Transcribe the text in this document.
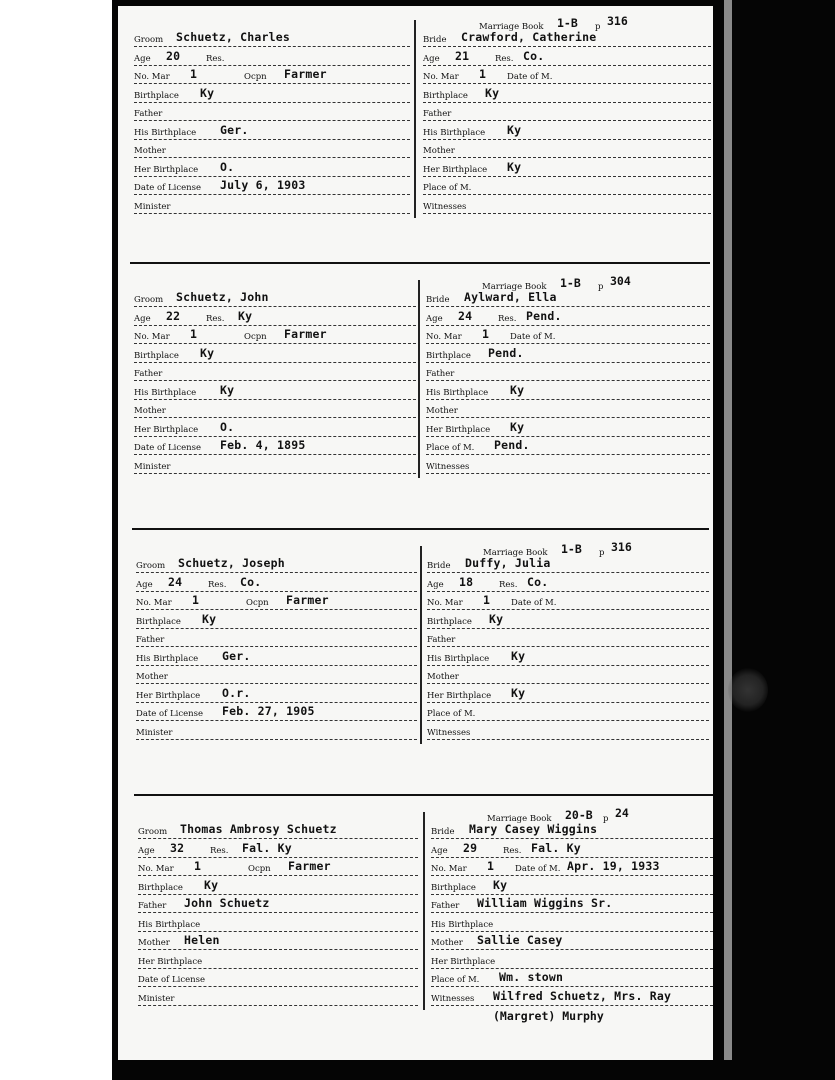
Groom Schuetz, Charles
Age 20	Res.
No. Mar 1	Ocpn Farmer
Birthplace Ky
Father
His Birthplace Ger.
Mother
Her Birthplace O.
Date of License July 6, 1903
Minister
Marriage Book 1-B p 316
Bride Crawford, Catherine
Age 21	Res. Co.
No. Mar 1 Date of M.
Birthplace Ky
Father
His Birthplace Ky
Mother
Her Birthplace Ky
Place of M.
Witnesses
Groom Schuetz, John
Age 22	Res. Ky
No. Mar 1	Ocpn Farmer
Birthplace Ky
Father
His Birthplace Ky
Mother
Her Birthplace O.
Date of License Feb. 4, 1895
Minister
Marriage Book 1-B p 304
Bride Aylward, Ella
Age 24	Res. Pend.
No. Mar 1 Date of M.
Birthplace Pend.
Father
His Birthplace Ky
Mother
Her Birthplace Ky
Place of M. Pend.
Witnesses
Groom Schuetz, Joseph
Age 24	Res. Co.
No. Mar 1	Ocpn Farmer
Birthplace Ky
Father
His Birthplace Ger.
Mother
Her Birthplace O.r.
Date of License Feb. 27, 1905
Minister
Marriage Book 1-B p 316
Bride Duffy, Julia
Age 18	Res. Co.
No. Mar 1 Date of M.
Birthplace Ky
Father
His Birthplace Ky
Mother
Her Birthplace Ky
Place of M.
Witnesses
Groom Thomas Ambrosy Schuetz
Age 32	Res. Fal. Ky
No. Mar 1	Ocpn Farmer
Birthplace Ky
Father John Schuetz
His Birthplace
Mother Helen
Her Birthplace
Date of License
Minister
Marriage Book 20-B p 24
Bride Mary Casey Wiggins
Age 29	Res. Fal. Ky
No. Mar 1 Date of M. Apr. 19, 1933
Birthplace Ky
Father William Wiggins Sr.
His Birthplace
Mother Sallie Casey
Her Birthplace
Place of M. Wm. stown
Witnesses Wilfred Schuetz, Mrs. Ray
(Margret) Murphy
